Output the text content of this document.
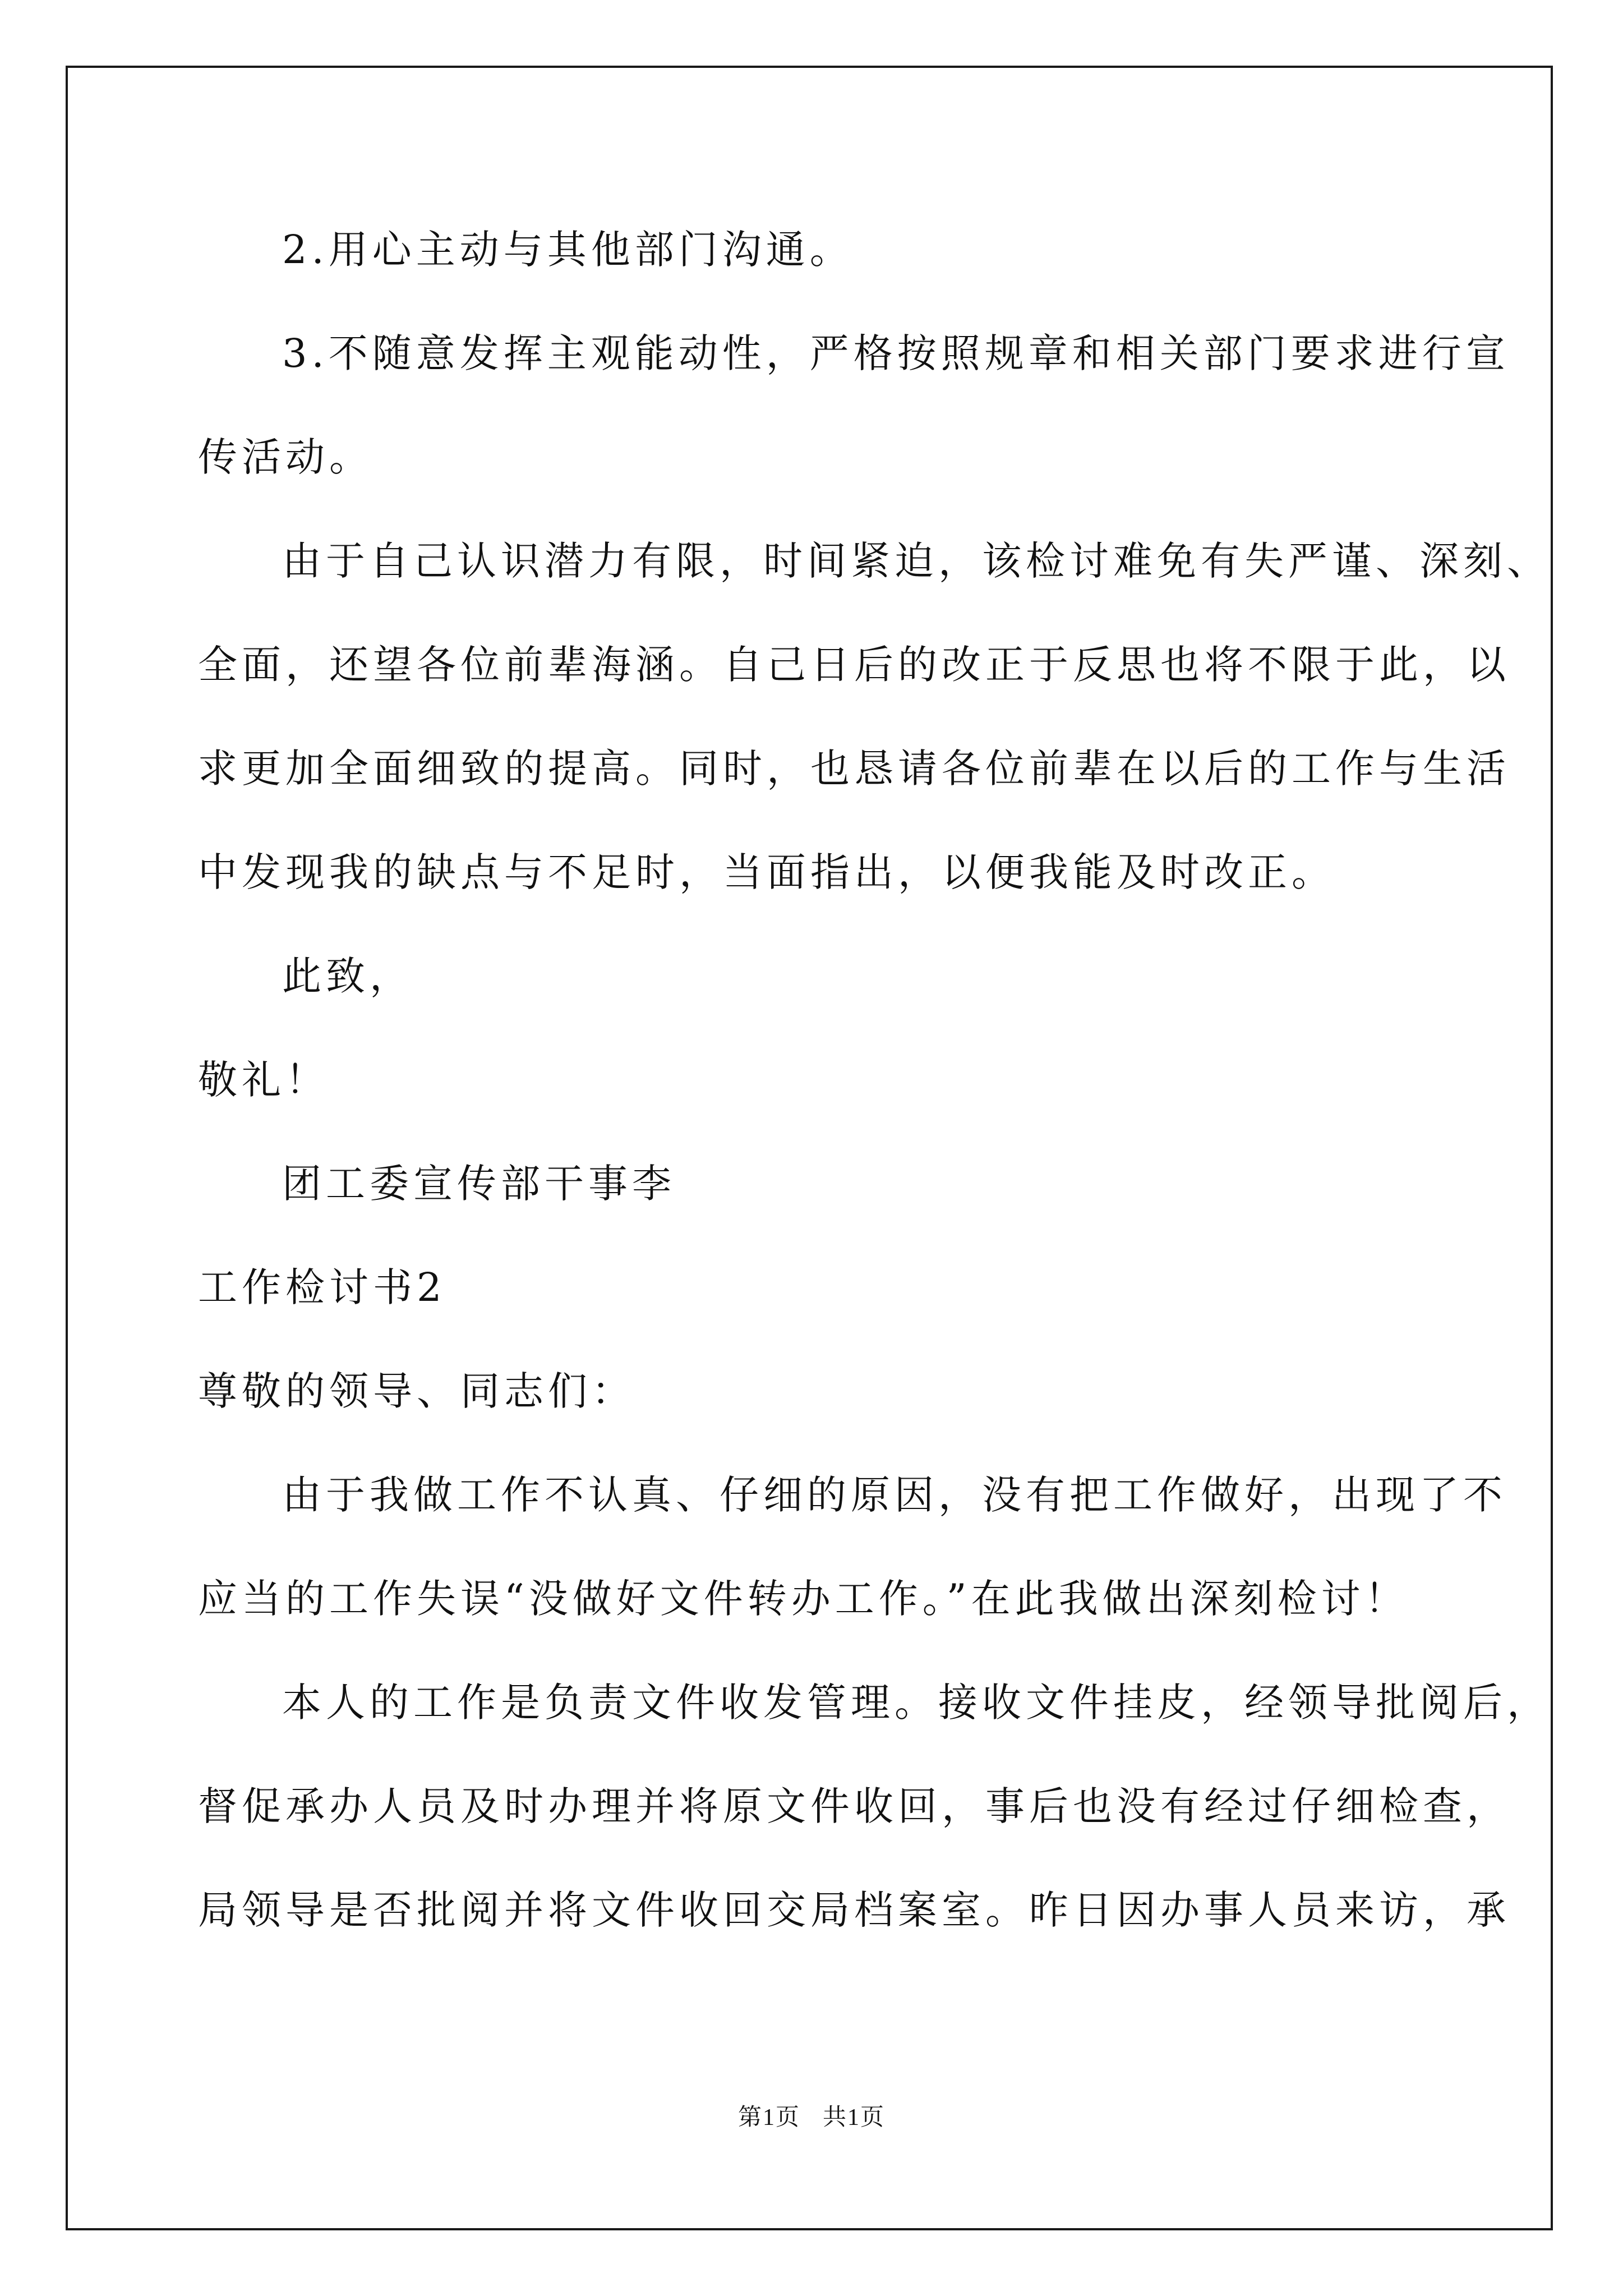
2.用心主动与其他部门沟通。
3.不随意发挥主观能动性，严格按照规章和相关部门要求进行宣
传活动。
由于自己认识潜力有限，时间紧迫，该检讨难免有失严谨、深刻、
全面，还望各位前辈海涵。自己日后的改正于反思也将不限于此，以
求更加全面细致的提高。同时，也恳请各位前辈在以后的工作与生活
中发现我的缺点与不足时，当面指出，以便我能及时改正。
此致，
敬礼！
团工委宣传部干事李
工作检讨书2
尊敬的领导、同志们：
由于我做工作不认真、仔细的原因，没有把工作做好，出现了不
应当的工作失误“没做好文件转办工作。”在此我做出深刻检讨！
本人的工作是负责文件收发管理。接收文件挂皮，经领导批阅后，
督促承办人员及时办理并将原文件收回，事后也没有经过仔细检查，
局领导是否批阅并将文件收回交局档案室。昨日因办事人员来访，承
第1页 共1页
